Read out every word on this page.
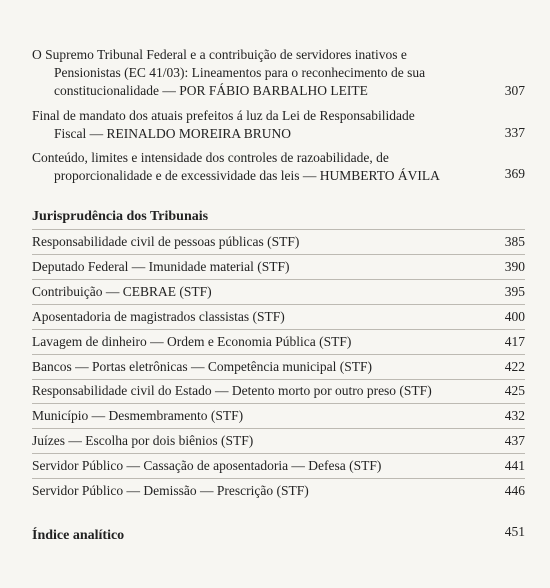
O Supremo Tribunal Federal e a contribuição de servidores inativos e
Pensionistas (EC 41/03): Lineamentos para o reconhecimento de sua
constitucionalidade — POR FÁBIO BARBALHO LEITE	307
Final de mandato dos atuais prefeitos á luz da Lei de Responsabilidade
Fiscal — REINALDO MOREIRA BRUNO	337
Conteúdo, limites e intensidade dos controles de razoabilidade, de
proporcionalidade e de excessividade das leis — HUMBERTO ÁVILA	369
Jurisprudência dos Tribunais
Responsabilidade civil de pessoas públicas (STF)	385
Deputado Federal — Imunidade material (STF)	390
Contribuição — CEBRAE (STF)	395
Aposentadoria de magistrados classistas (STF)	400
Lavagem de dinheiro — Ordem e Economia Pública (STF)	417
Bancos — Portas eletrônicas — Competência municipal (STF)	422
Responsabilidade civil do Estado — Detento morto por outro preso (STF)	425
Município — Desmembramento (STF)	432
Juízes — Escolha por dois biênios (STF)	437
Servidor Público — Cassação de aposentadoria — Defesa (STF)	441
Servidor Público — Demissão — Prescrição (STF)	446
Índice analítico	451
